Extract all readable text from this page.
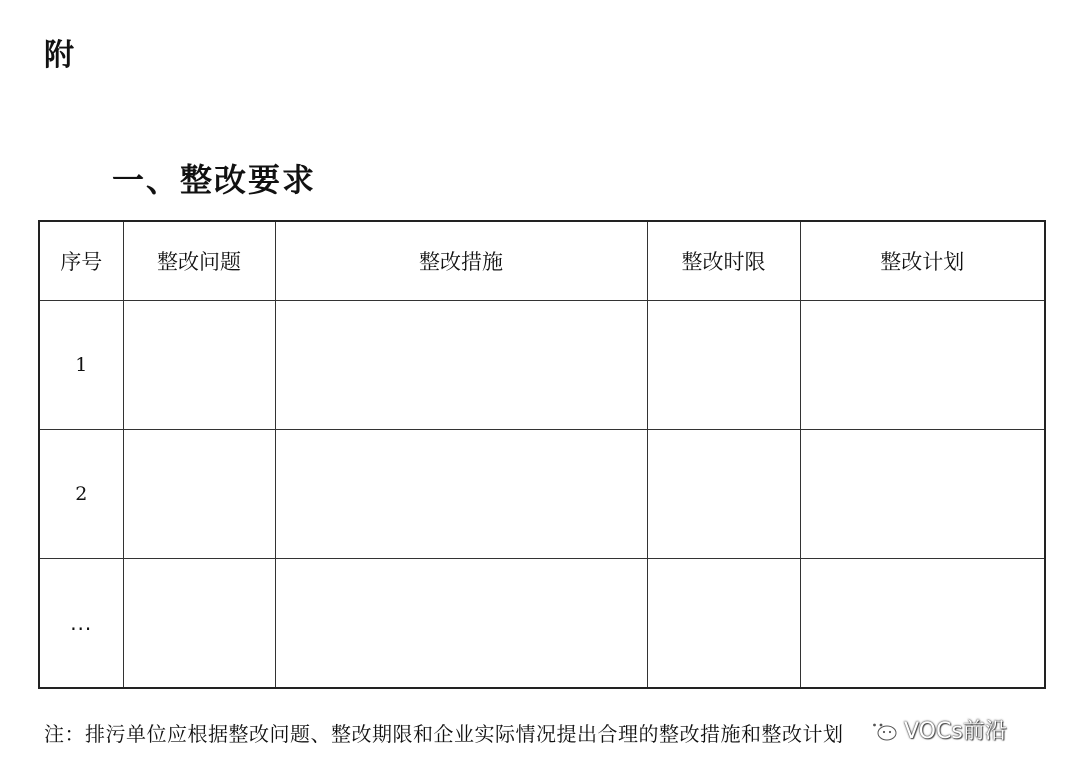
附
一、整改要求
序号	整改问题	整改措施	整改时限	整改计划
1				
2				
...				
注：排污单位应根据整改问题、整改期限和企业实际情况提出合理的整改措施和整改计划	VOCs前沿
